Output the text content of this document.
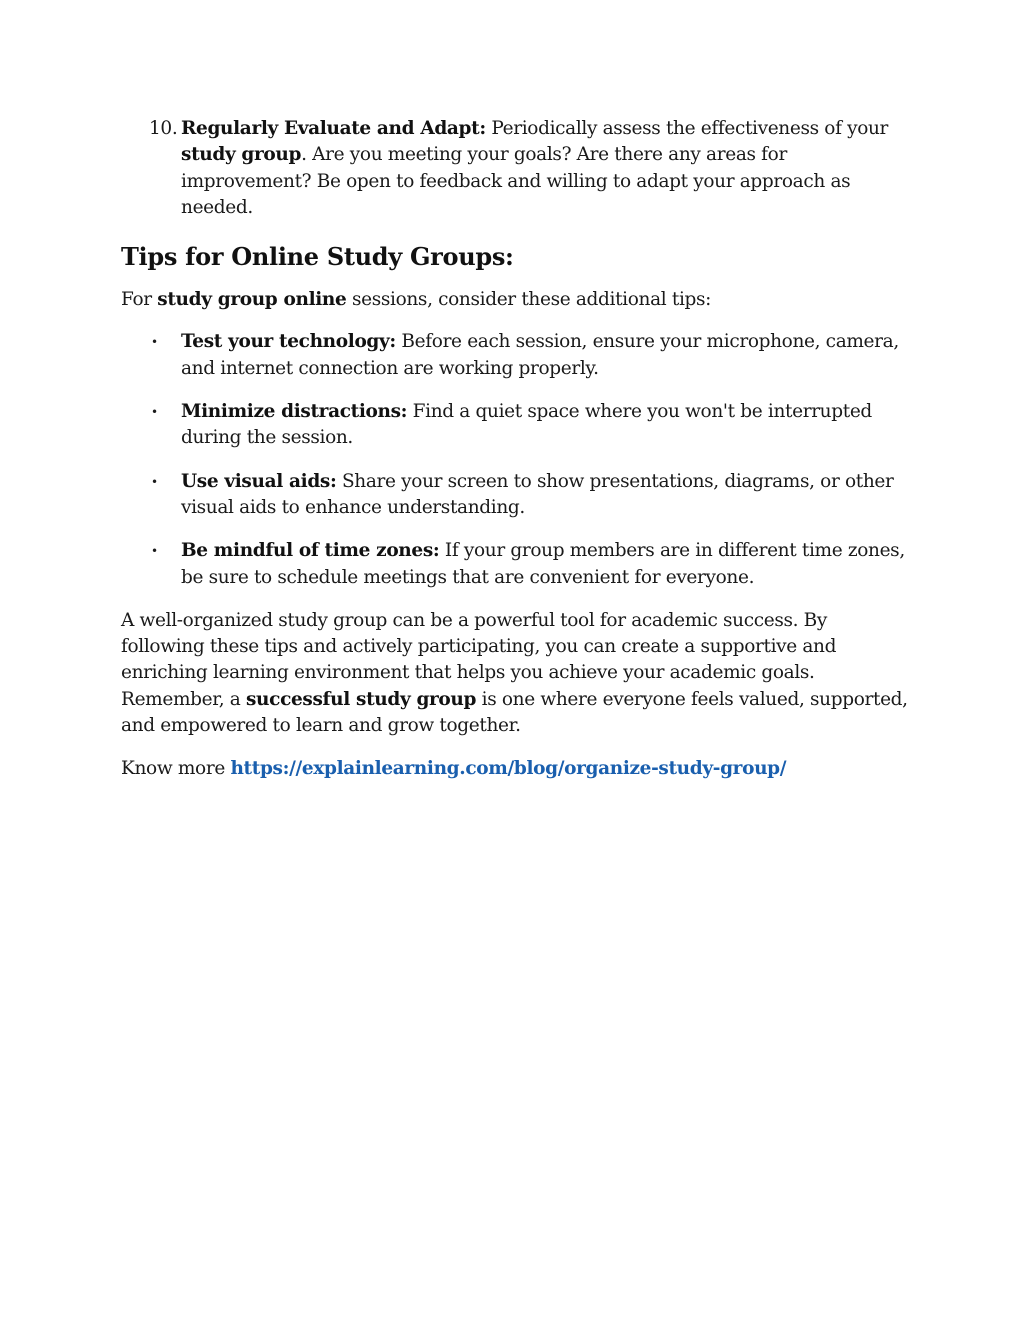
10. Regularly Evaluate and Adapt: Periodically assess the effectiveness of your study group. Are you meeting your goals? Are there any areas for improvement? Be open to feedback and willing to adapt your approach as needed.
Tips for Online Study Groups:

For study group online sessions, consider these additional tips:

•	Test your technology: Before each session, ensure your microphone, camera, and internet connection are working properly.
•	Minimize distractions: Find a quiet space where you won't be interrupted during the session.
•	Use visual aids: Share your screen to show presentations, diagrams, or other visual aids to enhance understanding.
•	Be mindful of time zones: If your group members are in different time zones, be sure to schedule meetings that are convenient for everyone.

A well-organized study group can be a powerful tool for academic success. By following these tips and actively participating, you can create a supportive and enriching learning environment that helps you achieve your academic goals. Remember, a successful study group is one where everyone feels valued, supported, and empowered to learn and grow together.

Know more https://explainlearning.com/blog/organize-study-group/
